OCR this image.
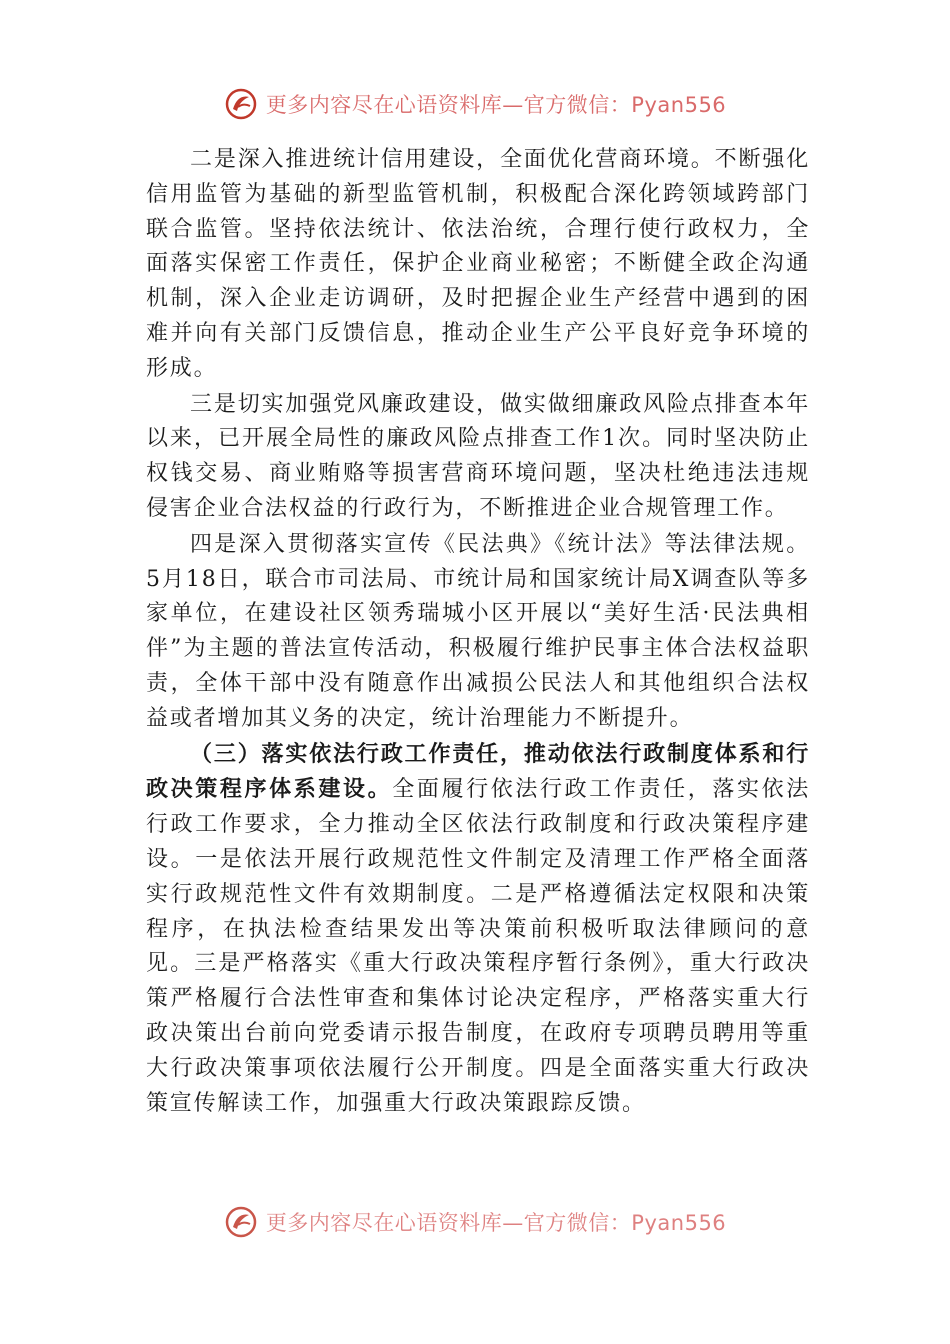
更多内容尽在心语资料库—官方微信：Pyan556

二是深入推进统计信用建设，全面优化营商环境。不断强化信用监管为基础的新型监管机制，积极配合深化跨领域跨部门联合监管。坚持依法统计、依法治统，合理行使行政权力，全面落实保密工作责任，保护企业商业秘密；不断健全政企沟通机制，深入企业走访调研，及时把握企业生产经营中遇到的困难并向有关部门反馈信息，推动企业生产公平良好竞争环境的形成。

三是切实加强党风廉政建设，做实做细廉政风险点排查本年以来，已开展全局性的廉政风险点排查工作1次。同时坚决防止权钱交易、商业贿赂等损害营商环境问题，坚决杜绝违法违规侵害企业合法权益的行政行为，不断推进企业合规管理工作。

四是深入贯彻落实宣传《民法典》《统计法》等法律法规。5月18日，联合市司法局、市统计局和国家统计局X调查队等多家单位，在建设社区领秀瑞城小区开展以“美好生活·民法典相伴”为主题的普法宣传活动，积极履行维护民事主体合法权益职责，全体干部中没有随意作出减损公民法人和其他组织合法权益或者增加其义务的决定，统计治理能力不断提升。

（三）落实依法行政工作责任，推动依法行政制度体系和行政决策程序体系建设。全面履行依法行政工作责任，落实依法行政工作要求，全力推动全区依法行政制度和行政决策程序建设。一是依法开展行政规范性文件制定及清理工作严格全面落实行政规范性文件有效期制度。二是严格遵循法定权限和决策程序，在执法检查结果发出等决策前积极听取法律顾问的意见。三是严格落实《重大行政决策程序暂行条例》，重大行政决策严格履行合法性审查和集体讨论决定程序，严格落实重大行政决策出台前向党委请示报告制度，在政府专项聘员聘用等重大行政决策事项依法履行公开制度。四是全面落实重大行政决策宣传解读工作，加强重大行政决策跟踪反馈。

更多内容尽在心语资料库—官方微信：Pyan556
